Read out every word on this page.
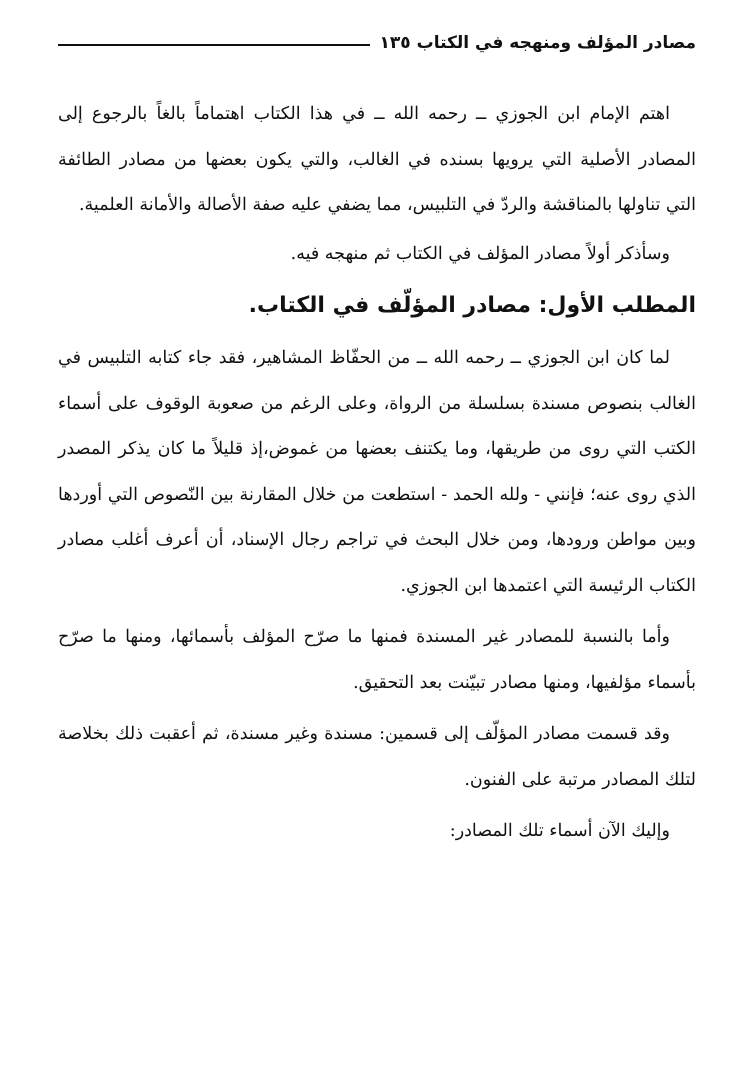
مصادر المؤلف ومنهجه في الكتاب ١٣٥

اهتم الإمام ابن الجوزي ــ رحمه الله ــ في هذا الكتاب اهتماماً بالغاً بالرجوع إلى المصادر الأصلية التي يرويها بسنده في الغالب، والتي يكون بعضها من مصادر الطائفة التي تناولها بالمناقشة والردّ في التلبيس، مما يضفي عليه صفة الأصالة والأمانة العلمية.

وسأذكر أولاً مصادر المؤلف في الكتاب ثم منهجه فيه.

المطلب الأول: مصادر المؤلّف في الكتاب.

لما كان ابن الجوزي ــ رحمه الله ــ من الحفّاظ المشاهير، فقد جاء كتابه التلبيس في الغالب بنصوص مسندة بسلسلة من الرواة، وعلى الرغم من صعوبة الوقوف على أسماء الكتب التي روى من طريقها، وما يكتنف بعضها من غموض،إذ قليلاً ما كان يذكر المصدر الذي روى عنه؛ فإنني - ولله الحمد - استطعت من خلال المقارنة بين النّصوص التي أوردها وبين مواطن ورودها، ومن خلال البحث في تراجم رجال الإسناد، أن أعرف أغلب مصادر الكتاب الرئيسة التي اعتمدها ابن الجوزي.

وأما بالنسبة للمصادر غير المسندة فمنها ما صرّح المؤلف بأسمائها، ومنها ما صرّح بأسماء مؤلفيها، ومنها مصادر تبيّنت بعد التحقيق.

وقد قسمت مصادر المؤلّف إلى قسمين: مسندة وغير مسندة، ثم أعقبت ذلك بخلاصة لتلك المصادر مرتبة على الفنون.

وإليك الآن أسماء تلك المصادر:
